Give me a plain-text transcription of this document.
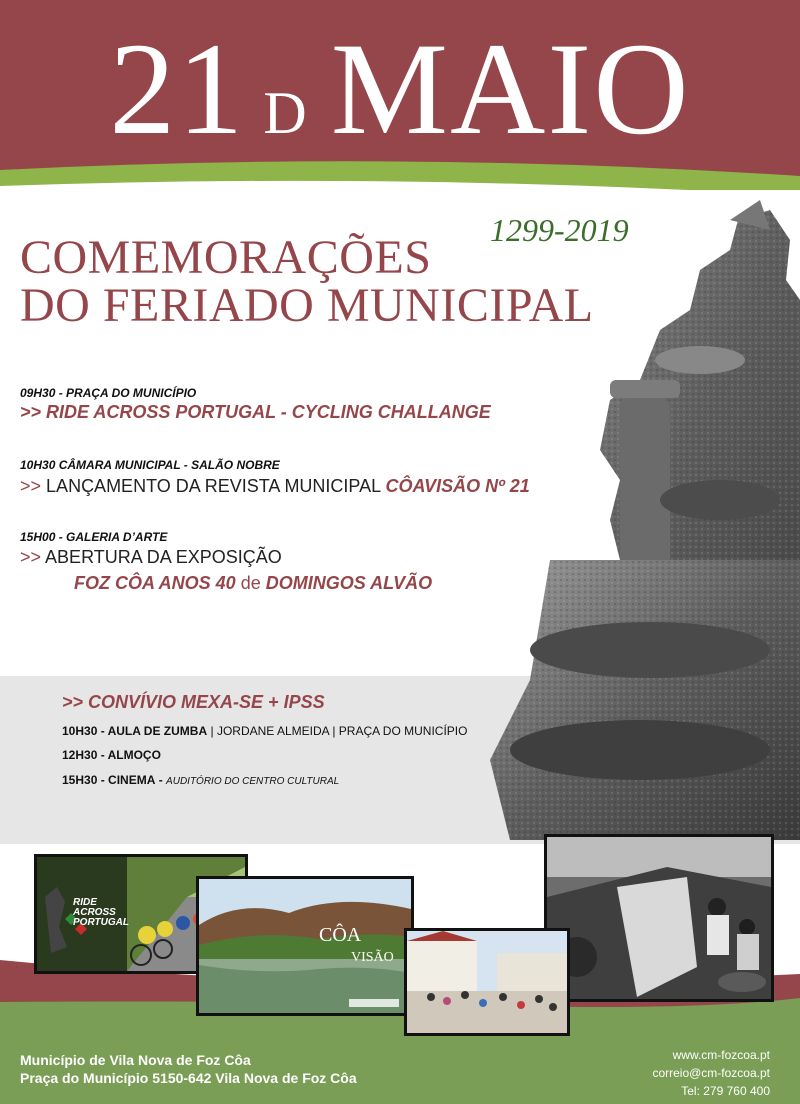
21 D MAIO
1299-2019
COMEMORAÇÕES
DO FERIADO MUNICIPAL
09H30 - PRAÇA DO MUNICÍPIO
>> RIDE ACROSS PORTUGAL - CYCLING CHALLANGE
10H30 CÂMARA MUNICIPAL - SALÃO NOBRE
>> LANÇAMENTO DA REVISTA MUNICIPAL CÔAVISÃO Nº 21
15H00 - GALERIA D’ARTE
>> ABERTURA DA EXPOSIÇÃO
FOZ CÔA ANOS 40 de DOMINGOS ALVÃO
>> CONVÍVIO MEXA-SE + IPSS
10H30 - AULA DE ZUMBA | JORDANE ALMEIDA | PRAÇA DO MUNICÍPIO
12H30 - ALMOÇO
15H30 - CINEMA - AUDITÓRIO DO CENTRO CULTURAL
RIDE
ACROSS
PORTUGAL
CÔA
VISÃO
Município de Vila Nova de Foz Côa
Praça do Município 5150-642 Vila Nova de Foz Côa
www.cm-fozcoa.pt
correio@cm-fozcoa.pt
Tel: 279 760 400
